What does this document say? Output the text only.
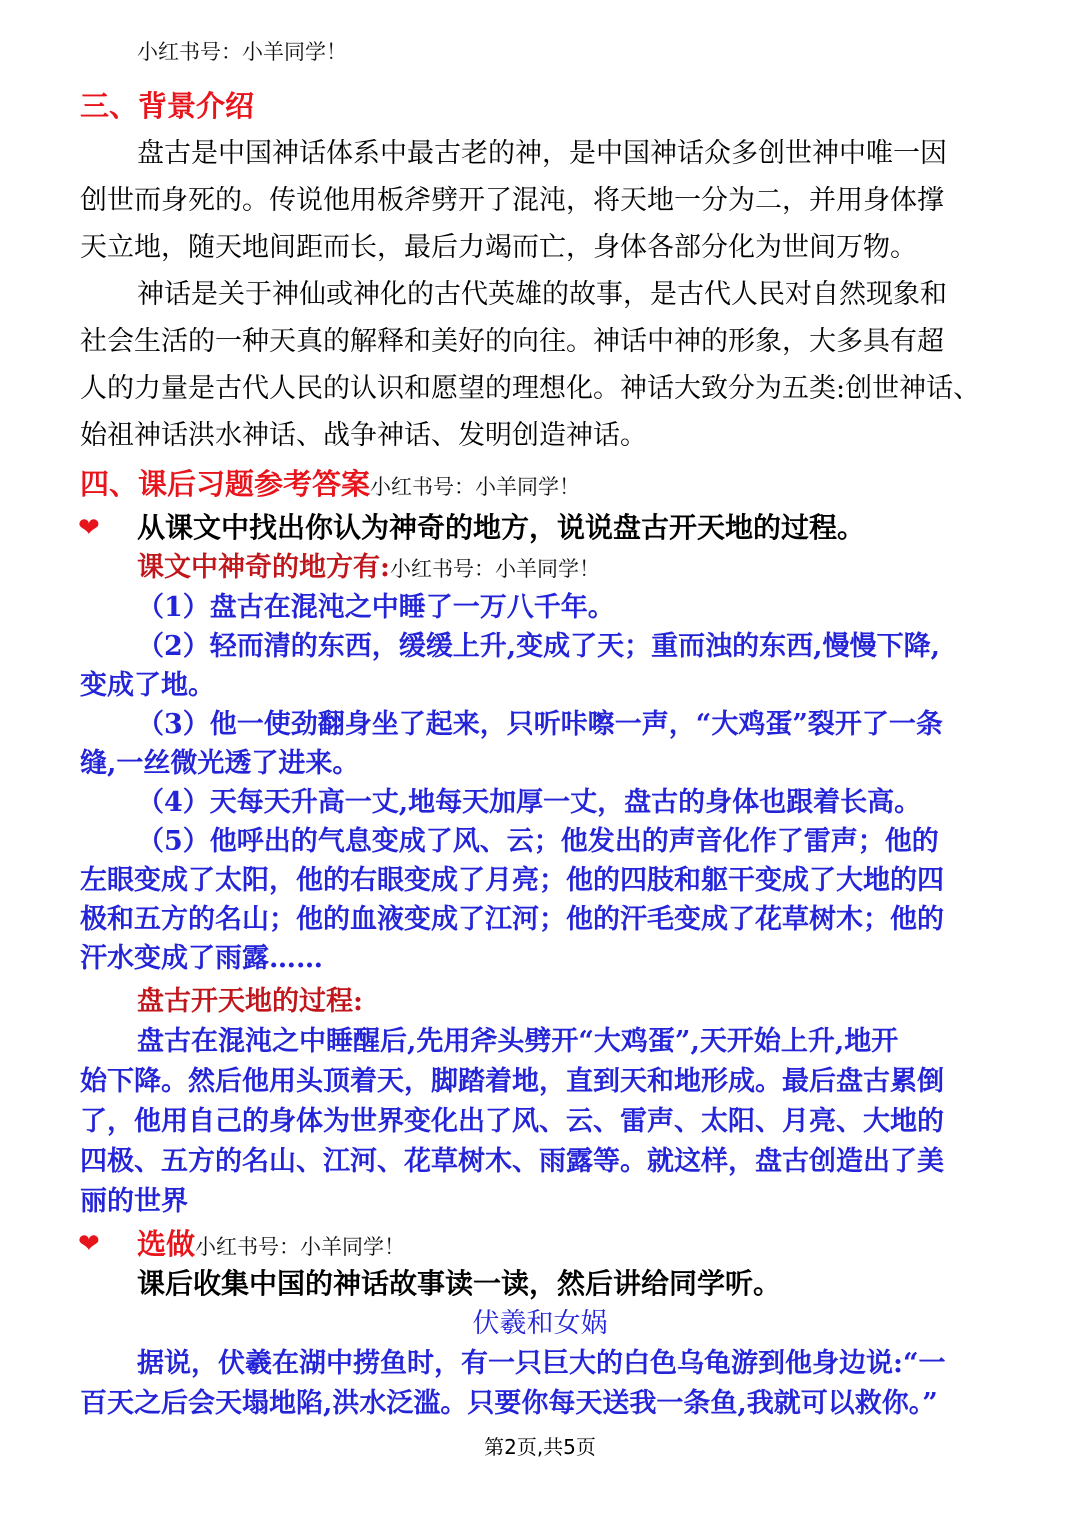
小红书号：小羊同学！
三、背景介绍
盘古是中国神话体系中最古老的神，是中国神话众多创世神中唯一因
创世而身死的。传说他用板斧劈开了混沌，将天地一分为二，并用身体撑
天立地，随天地间距而长，最后力竭而亡，身体各部分化为世间万物。
神话是关于神仙或神化的古代英雄的故事，是古代人民对自然现象和
社会生活的一种天真的解释和美好的向往。神话中神的形象，大多具有超
人的力量是古代人民的认识和愿望的理想化。神话大致分为五类:创世神话、
始祖神话洪水神话、战争神话、发明创造神话。
四、课后习题参考答案小红书号：小羊同学！
❤ 从课文中找出你认为神奇的地方，说说盘古开天地的过程。
课文中神奇的地方有:小红书号：小羊同学！
（1）盘古在混沌之中睡了一万八千年。
（2）轻而清的东西，缓缓上升,变成了天；重而浊的东西,慢慢下降,
变成了地。
（3）他一使劲翻身坐了起来，只听咔嚓一声，“大鸡蛋”裂开了一条
缝,一丝微光透了进来。
（4）天每天升高一丈,地每天加厚一丈，盘古的身体也跟着长高。
（5）他呼出的气息变成了风、云；他发出的声音化作了雷声；他的
左眼变成了太阳，他的右眼变成了月亮；他的四肢和躯干变成了大地的四
极和五方的名山；他的血液变成了江河；他的汗毛变成了花草树木；他的
汗水变成了雨露……
盘古开天地的过程:
盘古在混沌之中睡醒后,先用斧头劈开“大鸡蛋”,天开始上升,地开
始下降。然后他用头顶着天，脚踏着地，直到天和地形成。最后盘古累倒
了，他用自己的身体为世界变化出了风、云、雷声、太阳、月亮、大地的
四极、五方的名山、江河、花草树木、雨露等。就这样，盘古创造出了美
丽的世界
❤ 选做小红书号：小羊同学！
课后收集中国的神话故事读一读，然后讲给同学听。
伏羲和女娲
据说，伏羲在湖中捞鱼时，有一只巨大的白色乌龟游到他身边说:“一
百天之后会天塌地陷,洪水泛滥。只要你每天送我一条鱼,我就可以救你。”
第2页,共5页
